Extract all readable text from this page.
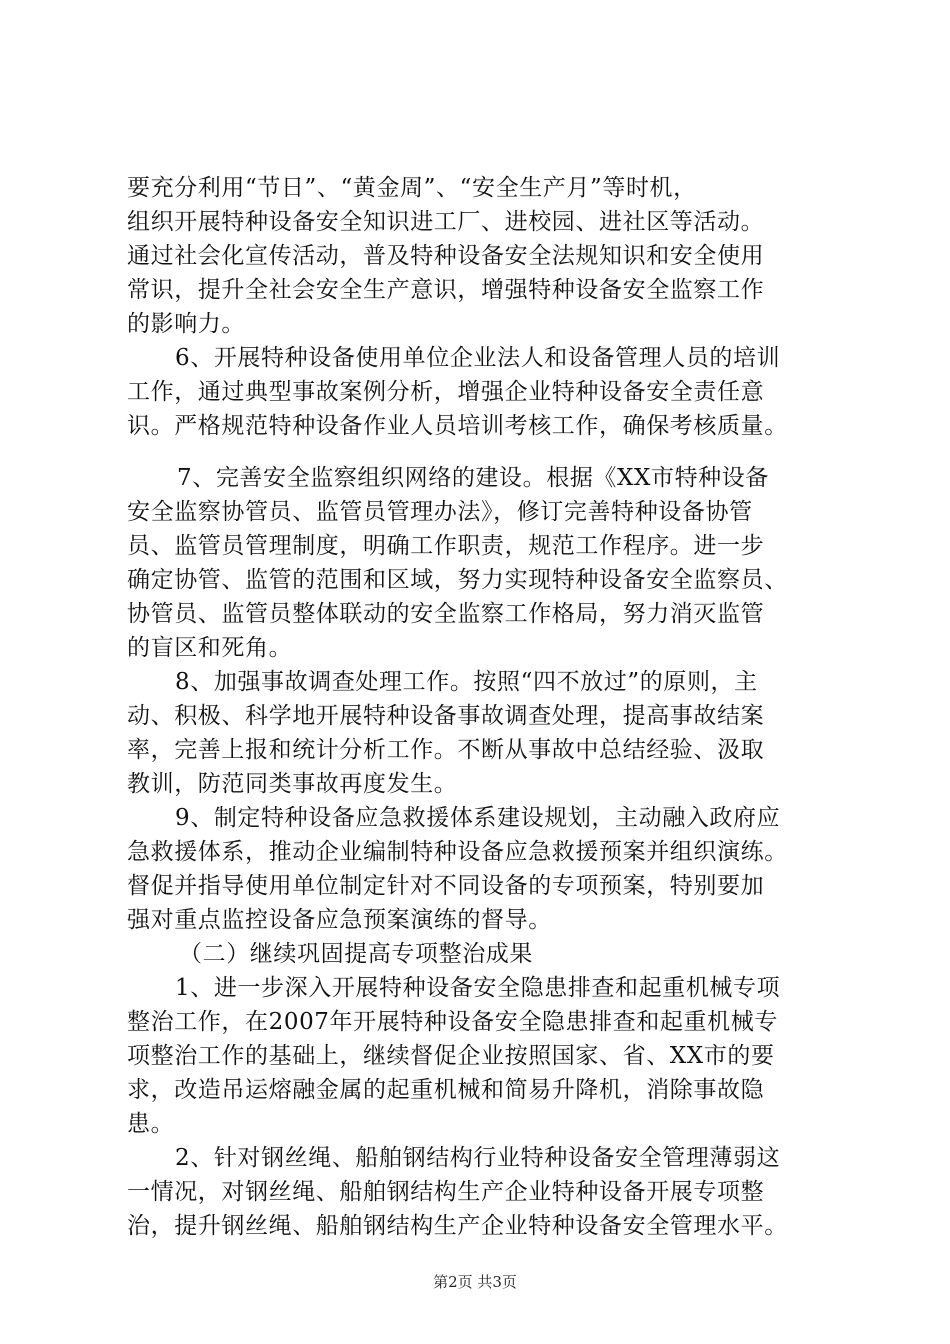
要充分利用“节日”、“黄金周”、“安全生产月”等时机，
组织开展特种设备安全知识进工厂、进校园、进社区等活动。
通过社会化宣传活动，普及特种设备安全法规知识和安全使用
常识，提升全社会安全生产意识，增强特种设备安全监察工作
的影响力。
6、开展特种设备使用单位企业法人和设备管理人员的培训
工作，通过典型事故案例分析，增强企业特种设备安全责任意
识。严格规范特种设备作业人员培训考核工作，确保考核质量。
7、完善安全监察组织网络的建设。根据《XX市特种设备
安全监察协管员、监管员管理办法》，修订完善特种设备协管
员、监管员管理制度，明确工作职责，规范工作程序。进一步
确定协管、监管的范围和区域，努力实现特种设备安全监察员、
协管员、监管员整体联动的安全监察工作格局，努力消灭监管
的盲区和死角。
8、加强事故调查处理工作。按照“四不放过”的原则，主
动、积极、科学地开展特种设备事故调查处理，提高事故结案
率，完善上报和统计分析工作。不断从事故中总结经验、汲取
教训，防范同类事故再度发生。
9、制定特种设备应急救援体系建设规划，主动融入政府应
急救援体系，推动企业编制特种设备应急救援预案并组织演练。
督促并指导使用单位制定针对不同设备的专项预案，特别要加
强对重点监控设备应急预案演练的督导。
（二）继续巩固提高专项整治成果
1、进一步深入开展特种设备安全隐患排查和起重机械专项
整治工作，在2007年开展特种设备安全隐患排查和起重机械专
项整治工作的基础上，继续督促企业按照国家、省、XX市的要
求，改造吊运熔融金属的起重机械和简易升降机，消除事故隐
患。
2、针对钢丝绳、船舶钢结构行业特种设备安全管理薄弱这
一情况，对钢丝绳、船舶钢结构生产企业特种设备开展专项整
治，提升钢丝绳、船舶钢结构生产企业特种设备安全管理水平。
第2页 共3页
